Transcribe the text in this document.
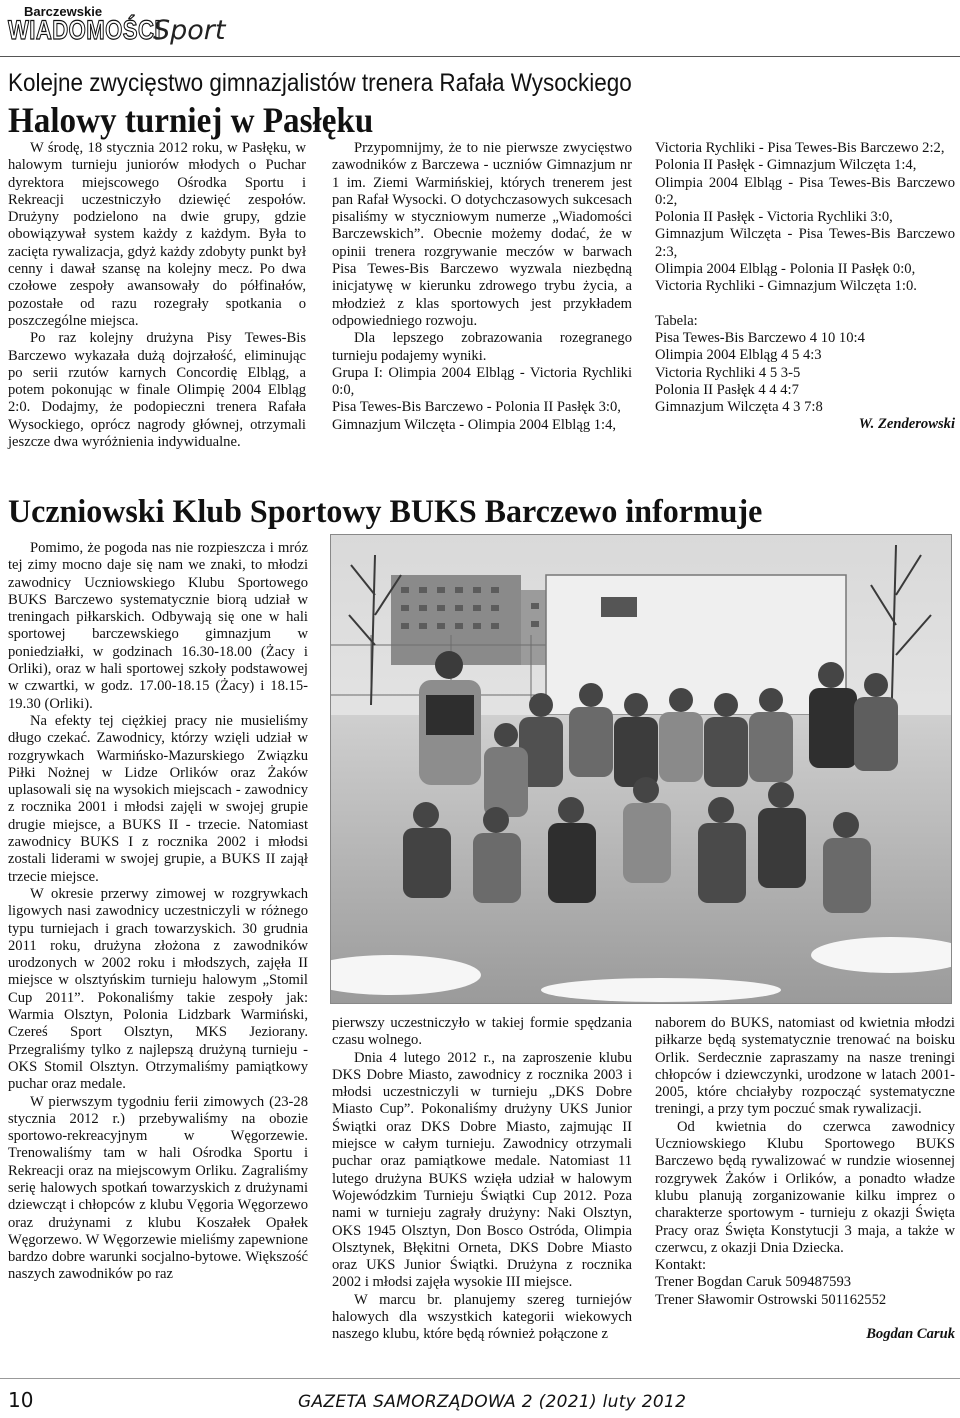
Barczewskie
WIADOMOŚCI
Sport
Kolejne zwycięstwo gimnazjalistów trenera Rafała Wysockiego
Halowy turniej w Pasłęku

W środę, 18 stycznia 2012 roku, w Pasłęku, w halowym turnieju juniorów młodych o Puchar dyrektora miejscowego Ośrodka Sportu i Rekreacji uczestniczyło dziewięć zespołów. Drużyny podzielono na dwie grupy, gdzie obowiązywał system każdy z każdym. Była to zacięta rywalizacja, gdyż każdy zdobyty punkt był cenny i dawał szansę na kolejny mecz. Po dwa czołowe zespoły awansowały do półfinałów, pozostałe od razu rozegrały spotkania o poszczególne miejsca.

Po raz kolejny drużyna Pisy Tewes-Bis Barczewo wykazała dużą dojrzałość, eliminując po serii rzutów karnych Concordię Elbląg, a potem pokonując w finale Olimpię 2004 Elbląg 2:0. Dodajmy, że podopieczni trenera Rafała Wysockiego, oprócz nagrody głównej, otrzymali jeszcze dwa wyróżnienia indywidualne.

Przypomnijmy, że to nie pierwsze zwycięstwo zawodników z Barczewa - uczniów Gimnazjum nr 1 im. Ziemi Warmińskiej, których trenerem jest pan Rafał Wysocki. O dotychczasowych sukcesach pisaliśmy w styczniowym numerze „Wiadomości Barczewskich”. Obecnie możemy dodać, że w opinii trenera rozgrywanie meczów w barwach Pisa Tewes-Bis Barczewo wyzwala niezbędną inicjatywę w kierunku zdrowego trybu życia, a młodzież z klas sportowych jest przykładem odpowiedniego rozwoju.

Dla lepszego zobrazowania rozegranego turnieju podajemy wyniki.

Grupa I: Olimpia 2004 Elbląg - Victoria Rychliki 0:0,

Pisa Tewes-Bis Barczewo - Polonia II Pasłęk 3:0,

Gimnazjum Wilczęta - Olimpia 2004 Elbląg 1:4,

Victoria Rychliki - Pisa Tewes-Bis Barczewo 2:2,

Polonia II Pasłęk - Gimnazjum Wilczęta 1:4,

Olimpia 2004 Elbląg - Pisa Tewes-Bis Barczewo 0:2,

Polonia II Pasłęk - Victoria Rychliki 3:0,

Gimnazjum Wilczęta - Pisa Tewes-Bis Barczewo 2:3,

Olimpia 2004 Elbląg - Polonia II Pasłęk 0:0,

Victoria Rychliki - Gimnazjum Wilczęta 1:0.

Tabela:

Pisa Tewes-Bis Barczewo 4 10 10:4

Olimpia 2004 Elbląg 4 5 4:3

Victoria Rychliki 4 5 3-5

Polonia II Pasłęk 4 4 4:7

Gimnazjum Wilczęta 4 3 7:8

W. Zenderowski

Uczniowski Klub Sportowy BUKS Barczewo informuje

Pomimo, że pogoda nas nie rozpieszcza i mróz tej zimy mocno daje się nam we znaki, to młodzi zawodnicy Uczniowskiego Klubu Sportowego BUKS Barczewo systematycznie biorą udział w treningach piłkarskich. Odbywają się one w hali sportowej barczewskiego gimnazjum w poniedziałki, w godzinach 16.30-18.00 (Żacy i Orliki), oraz w hali sportowej szkoły podstawowej w czwartki, w godz. 17.00-18.15 (Żacy) i 18.15-19.30 (Orliki).

Na efekty tej ciężkiej pracy nie musieliśmy długo czekać. Zawodnicy, którzy wzięli udział w rozgrywkach Warmińsko-Mazurskiego Związku Piłki Nożnej w Lidze Orlików oraz Żaków uplasowali się na wysokich miejscach - zawodnicy z rocznika 2001 i młodsi zajęli w swojej grupie drugie miejsce, a BUKS II - trzecie. Natomiast zawodnicy BUKS I z rocznika 2002 i młodsi zostali liderami w swojej grupie, a BUKS II zajął trzecie miejsce.

W okresie przerwy zimowej w rozgrywkach ligowych nasi zawodnicy uczestniczyli w różnego typu turniejach i grach towarzyskich. 30 grudnia 2011 roku, drużyna złożona z zawodników urodzonych w 2002 roku i młodszych, zajęła II miejsce w olsztyńskim turnieju halowym „Stomil Cup 2011”. Pokonaliśmy takie zespoły jak: Warmia Olsztyn, Polonia Lidzbark Warmiński, Czereś Sport Olsztyn, MKS Jeziorany. Przegraliśmy tylko z najlepszą drużyną turnieju - OKS Stomil Olsztyn. Otrzymaliśmy pamiątkowy puchar oraz medale.

W pierwszym tygodniu ferii zimowych (23-28 stycznia 2012 r.) przebywaliśmy na obozie sportowo-rekreacyjnym w Węgorzewie. Trenowaliśmy tam w hali Ośrodka Sportu i Rekreacji oraz na miejscowym Orliku. Zagraliśmy serię halowych spotkań towarzyskich z drużynami dziewcząt i chłopców z klubu Vęgoria Węgorzewo oraz drużynami z klubu Koszałek Opałek Węgorzewo. W Węgorzewie mieliśmy zapewnione bardzo dobre warunki socjalno-bytowe. Większość naszych zawodników po raz

pierwszy uczestniczyło w takiej formie spędzania czasu wolnego.

Dnia 4 lutego 2012 r., na zaproszenie klubu DKS Dobre Miasto, zawodnicy z rocznika 2003 i młodsi uczestniczyli w turnieju „DKS Dobre Miasto Cup”. Pokonaliśmy drużyny UKS Junior Świątki oraz DKS Dobre Miasto, zajmując II miejsce w całym turnieju. Zawodnicy otrzymali puchar oraz pamiątkowe medale. Natomiast 11 lutego drużyna BUKS wzięła udział w halowym Wojewódzkim Turnieju Świątki Cup 2012. Poza nami w turnieju zagrały drużyny: Naki Olsztyn, OKS 1945 Olsztyn, Don Bosco Ostróda, Olimpia Olsztynek, Błękitni Orneta, DKS Dobre Miasto oraz UKS Junior Świątki. Drużyna z rocznika 2002 i młodsi zajęła wysokie III miejsce.

W marcu br. planujemy szereg turniejów halowych dla wszystkich kategorii wiekowych naszego klubu, które będą również połączone z

naborem do BUKS, natomiast od kwietnia młodzi piłkarze będą systematycznie trenować na boisku Orlik. Serdecznie zapraszamy na nasze treningi chłopców i dziewczynki, urodzone w latach 2001-2005, które chciałyby rozpocząć systematyczne treningi, a przy tym poczuć smak rywalizacji.

Od kwietnia do czerwca zawodnicy Uczniowskiego Klubu Sportowego BUKS Barczewo będą rywalizować w rundzie wiosennej rozgrywek Żaków i Orlików, a ponadto władze klubu planują zorganizowanie kilku imprez o charakterze sportowym - turnieju z okazji Święta Pracy oraz Święta Konstytucji 3 maja, a także w czerwcu, z okazji Dnia Dziecka.

Kontakt:

Trener Bogdan Caruk 509487593

Trener Sławomir Ostrowski 501162552

Bogdan Caruk

10	GAZETA SAMORZĄDOWA 2 (2021) luty 2012
